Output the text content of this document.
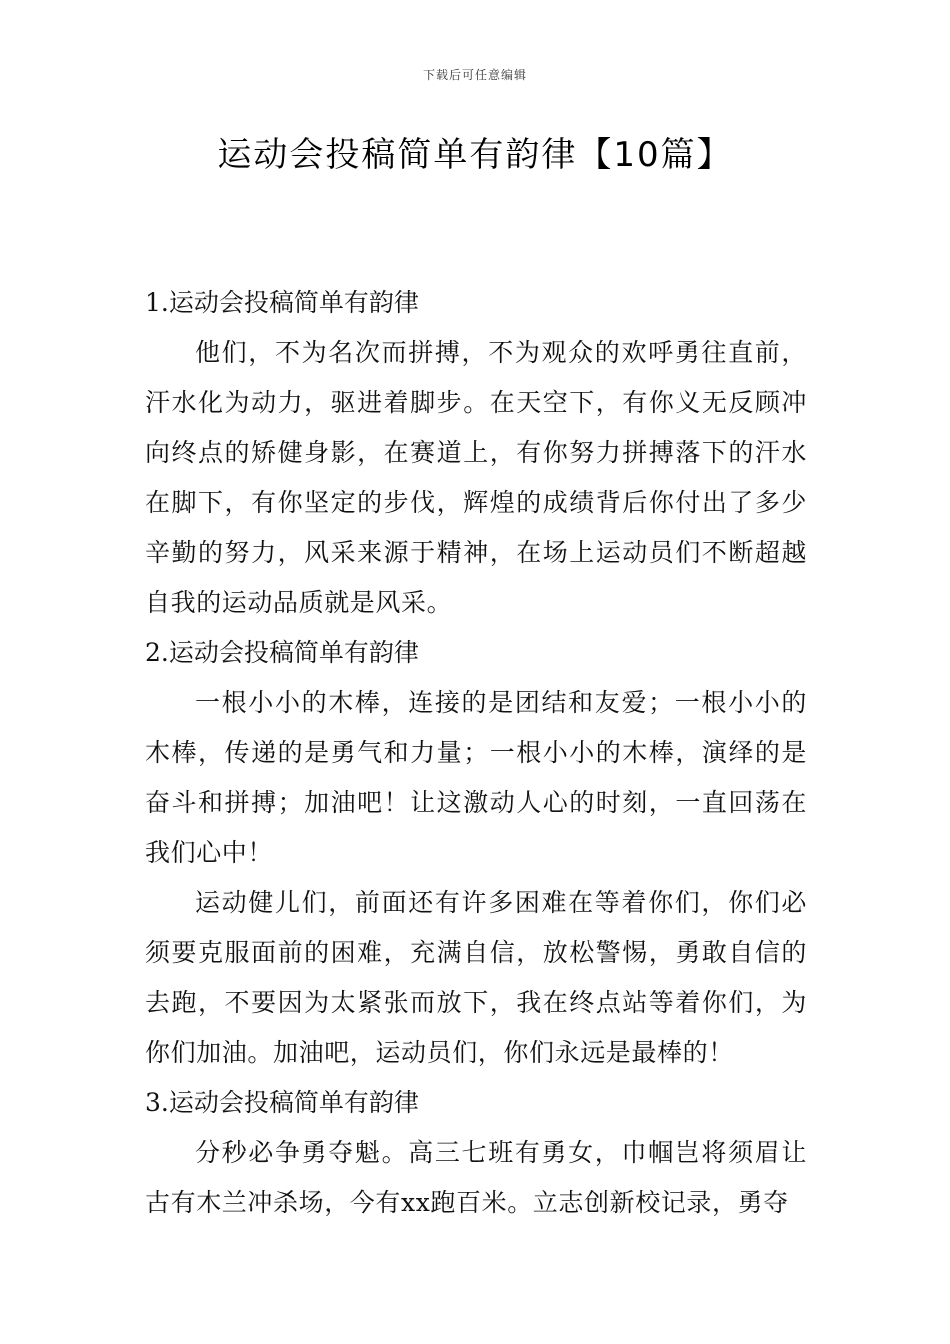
下载后可任意编辑
运动会投稿简单有韵律【10篇】

1.运动会投稿简单有韵律

他们，不为名次而拼搏，不为观众的欢呼勇往直前，汗水化为动力，驱进着脚步。在天空下，有你义无反顾冲向终点的矫健身影，在赛道上，有你努力拼搏落下的汗水在脚下，有你坚定的步伐，辉煌的成绩背后你付出了多少辛勤的努力，风采来源于精神，在场上运动员们不断超越自我的运动品质就是风采。

2.运动会投稿简单有韵律

一根小小的木棒，连接的是团结和友爱；一根小小的木棒，传递的是勇气和力量；一根小小的木棒，演绎的是奋斗和拼搏；加油吧！让这激动人心的时刻，一直回荡在我们心中！

运动健儿们，前面还有许多困难在等着你们，你们必须要克服面前的困难，充满自信，放松警惕，勇敢自信的去跑，不要因为太紧张而放下，我在终点站等着你们，为你们加油。加油吧，运动员们，你们永远是最棒的！

3.运动会投稿简单有韵律

分秒必争勇夺魁。高三七班有勇女，巾帼岂将须眉让古有木兰冲杀场，今有xx跑百米。立志创新校记录，勇夺
